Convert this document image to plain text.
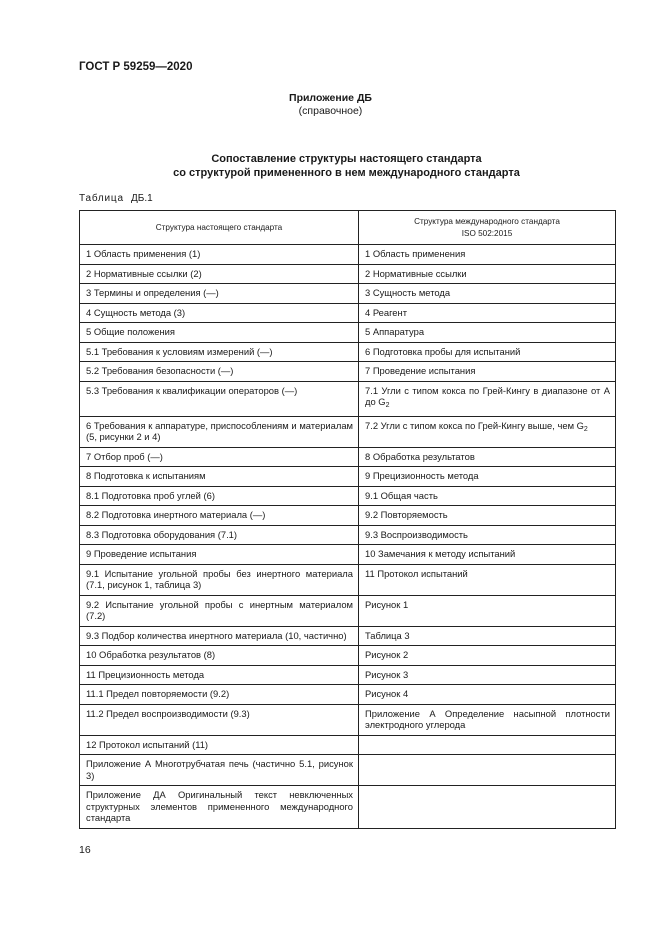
ГОСТ Р 59259—2020
Приложение ДБ
(справочное)
Сопоставление структуры настоящего стандарта
со структурой примененного в нем международного стандарта
Таблица ДБ.1
Структура настоящего стандарта	Структура международного стандарта
ISO 502:2015

1 Область применения (1)	1 Область применения
2 Нормативные ссылки (2)	2 Нормативные ссылки
3 Термины и определения (—)	3 Сущность метода
4 Сущность метода (3)	4 Реагент
5 Общие положения	5 Аппаратура
5.1 Требования к условиям измерений (—)	6 Подготовка пробы для испытаний
5.2 Требования безопасности (—)	7 Проведение испытания
5.3 Требования к квалификации операторов (—)	7.1 Угли с типом кокса по Грей-Кингу в диапазоне от A до $G_2$
6 Требования к аппаратуре, приспособлениям и материалам (5, рисунки 2 и 4)	7.2 Угли с типом кокса по Грей-Кингу выше, чем $G_2$
7 Отбор проб (—)	8 Обработка результатов
8 Подготовка к испытаниям	9 Прецизионность метода
8.1 Подготовка проб углей (6)	9.1 Общая часть
8.2 Подготовка инертного материала (—)	9.2 Повторяемость
8.3 Подготовка оборудования (7.1)	9.3 Воспроизводимость
9 Проведение испытания	10 Замечания к методу испытаний
9.1 Испытание угольной пробы без инертного материала (7.1, рисунок 1, таблица 3)	11 Протокол испытаний
9.2 Испытание угольной пробы с инертным материалом (7.2)	Рисунок 1
9.3 Подбор количества инертного материала (10, частично)	Таблица 3
10 Обработка результатов (8)	Рисунок 2
11 Прецизионность метода	Рисунок 3
11.1 Предел повторяемости (9.2)	Рисунок 4
11.2 Предел воспроизводимости (9.3)	Приложение А Определение насыпной плотности электродного углерода
12 Протокол испытаний (11)	
Приложение А Многотрубчатая печь (частично 5.1, рисунок 3)	
Приложение ДА Оригинальный текст невключенных структурных элементов примененного международного стандарта	
16
